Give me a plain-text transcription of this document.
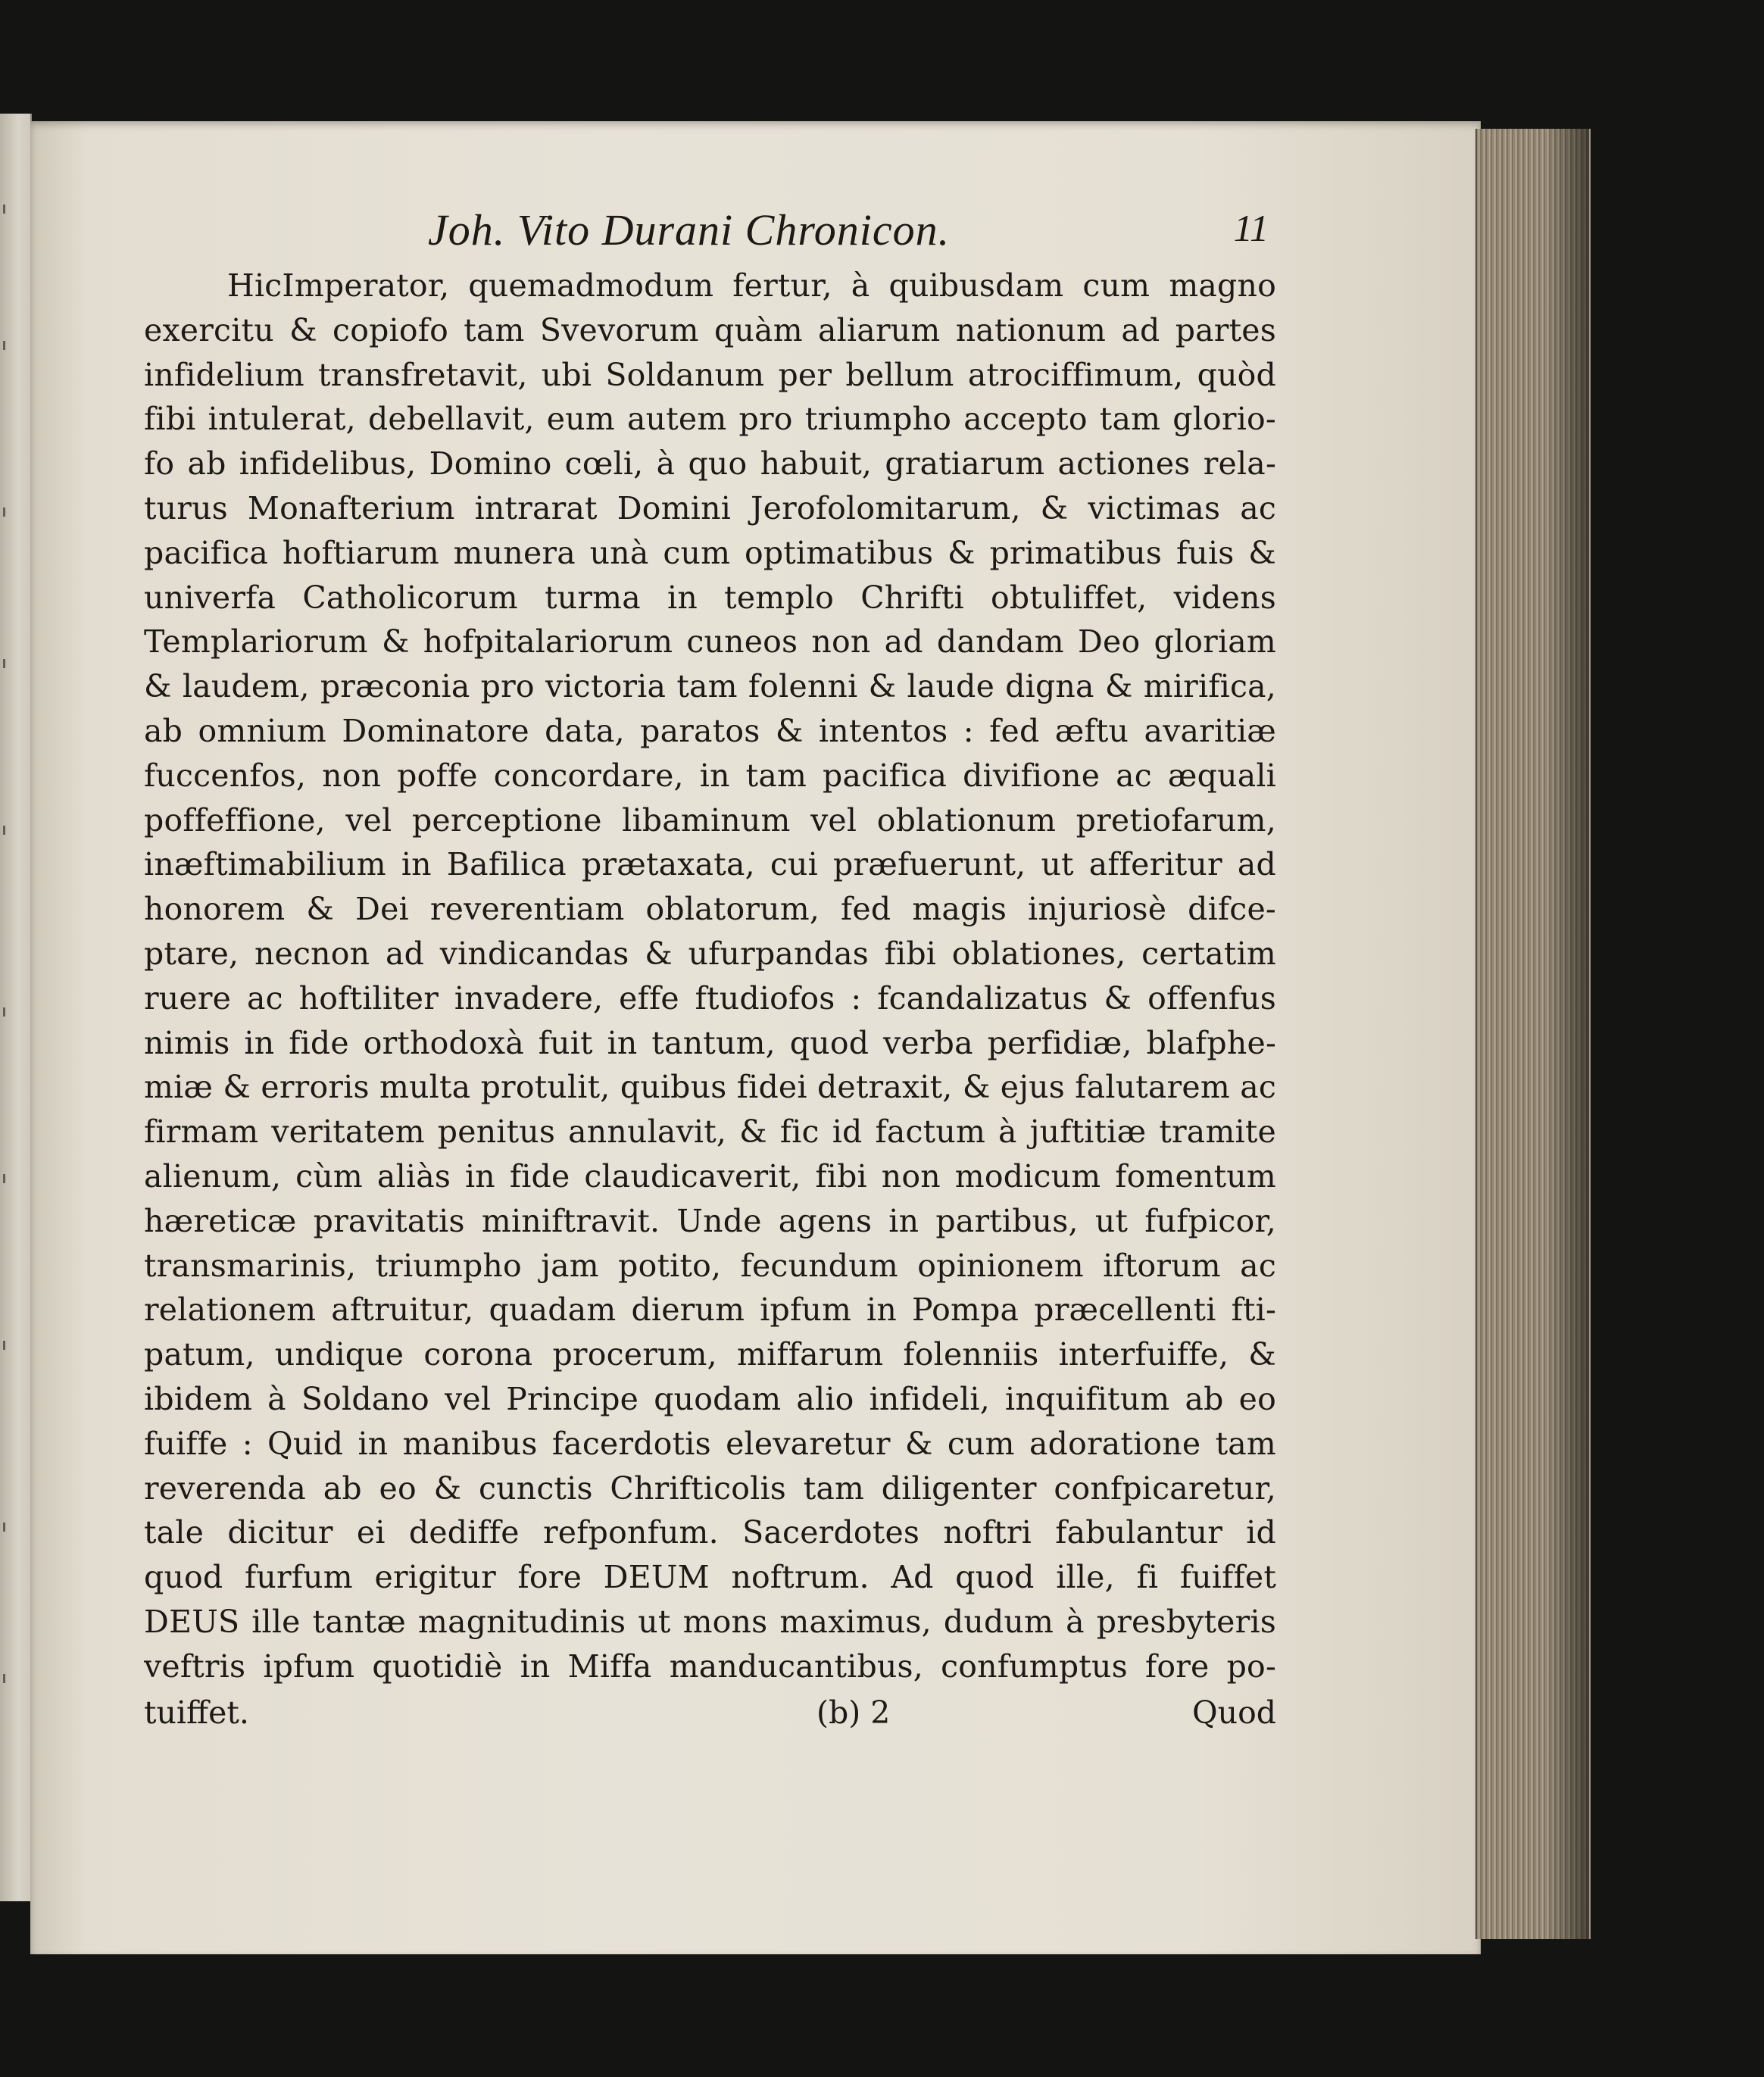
Joh. Vito Durani Chronicon.	11
HicImperator, quemadmodum fertur, à quibusdam cum magno
exercitu & copiofo tam Svevorum quàm aliarum nationum ad partes
infidelium transfretavit, ubi Soldanum per bellum atrociffimum, quòd
fibi intulerat, debellavit, eum autem pro triumpho accepto tam glorio-
fo ab infidelibus, Domino cœli, à quo habuit, gratiarum actiones rela-
turus Monafterium intrarat Domini Jerofolomitarum, & victimas ac
pacifica hoftiarum munera unà cum optimatibus & primatibus fuis &
univerfa Catholicorum turma in templo Chrifti obtuliffet, videns
Templariorum & hofpitalariorum cuneos non ad dandam Deo gloriam
& laudem, præconia pro victoria tam folenni & laude digna & mirifica,
ab omnium Dominatore data, paratos & intentos : fed æftu avaritiæ
fuccenfos, non poffe concordare, in tam pacifica divifione ac æquali
poffeffione, vel perceptione libaminum vel oblationum pretiofarum,
inæftimabilium in Bafilica prætaxata, cui præfuerunt, ut afferitur ad
honorem & Dei reverentiam oblatorum, fed magis injuriosè difce-
ptare, necnon ad vindicandas & ufurpandas fibi oblationes, certatim
ruere ac hoftiliter invadere, effe ftudiofos : fcandalizatus & offenfus
nimis in fide orthodoxà fuit in tantum, quod verba perfidiæ, blafphe-
miæ & erroris multa protulit, quibus fidei detraxit, & ejus falutarem ac
firmam veritatem penitus annulavit, & fic id factum à juftitiæ tramite
alienum, cùm aliàs in fide claudicaverit, fibi non modicum fomentum
hæreticæ pravitatis miniftravit. Unde agens in partibus, ut fufpicor,
transmarinis, triumpho jam potito, fecundum opinionem iftorum ac
relationem aftruitur, quadam dierum ipfum in Pompa præcellenti fti-
patum, undique corona procerum, miffarum folenniis interfuiffe, &
ibidem à Soldano vel Principe quodam alio infideli, inquifitum ab eo
fuiffe : Quid in manibus facerdotis elevaretur & cum adoratione tam
reverenda ab eo & cunctis Chrifticolis tam diligenter confpicaretur,
tale dicitur ei dediffe refponfum. Sacerdotes noftri fabulantur id
quod furfum erigitur fore DEUM noftrum. Ad quod ille, fi fuiffet
DEUS ille tantæ magnitudinis ut mons maximus, dudum à presbyteris
veftris ipfum quotidiè in Miffa manducantibus, confumptus fore po-
tuiffet.	(b) 2	Quod
